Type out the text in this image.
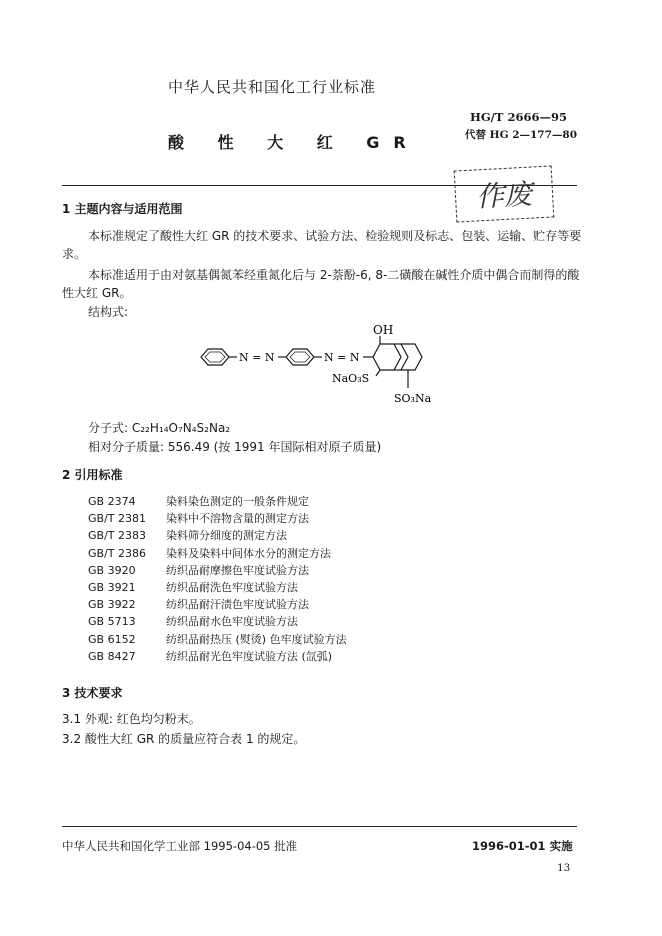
中华人民共和国化工行业标准
HG/T 2666—95
酸 性 大 红 GR	代替 HG 2—177—80
作废
1 主题内容与适用范围
本标准规定了酸性大红 GR 的技术要求、试验方法、检验规则及标志、包装、运输、贮存等要
求。
本标准适用于由对氨基偶氮苯经重氮化后与 2-萘酚-6, 8-二磺酸在碱性介质中偶合而制得的酸
性大红 GR。
结构式:
OH
N = N	N = N
NaO₃S
SO₃Na
分子式: C₂₂H₁₄O₇N₄S₂Na₂
相对分子质量: 556.49 (按 1991 年国际相对原子质量)
2 引用标准
GB 2374	染料染色测定的一般条件规定
GB/T 2381 染料中不溶物含量的测定方法
GB/T 2383 染料筛分细度的测定方法
GB/T 2386 染料及染料中间体水分的测定方法
GB 3920	纺织品耐摩擦色牢度试验方法
GB 3921	纺织品耐洗色牢度试验方法
GB 3922	纺织品耐汗渍色牢度试验方法
GB 5713	纺织品耐水色牢度试验方法
GB 6152	纺织品耐热压 (熨烫) 色牢度试验方法
GB 8427	纺织品耐光色牢度试验方法 (氙弧)
3 技术要求
3.1 外观: 红色均匀粉末。
3.2 酸性大红 GR 的质量应符合表 1 的规定。
中华人民共和国化学工业部 1995-04-05 批准	1996-01-01 实施
13
